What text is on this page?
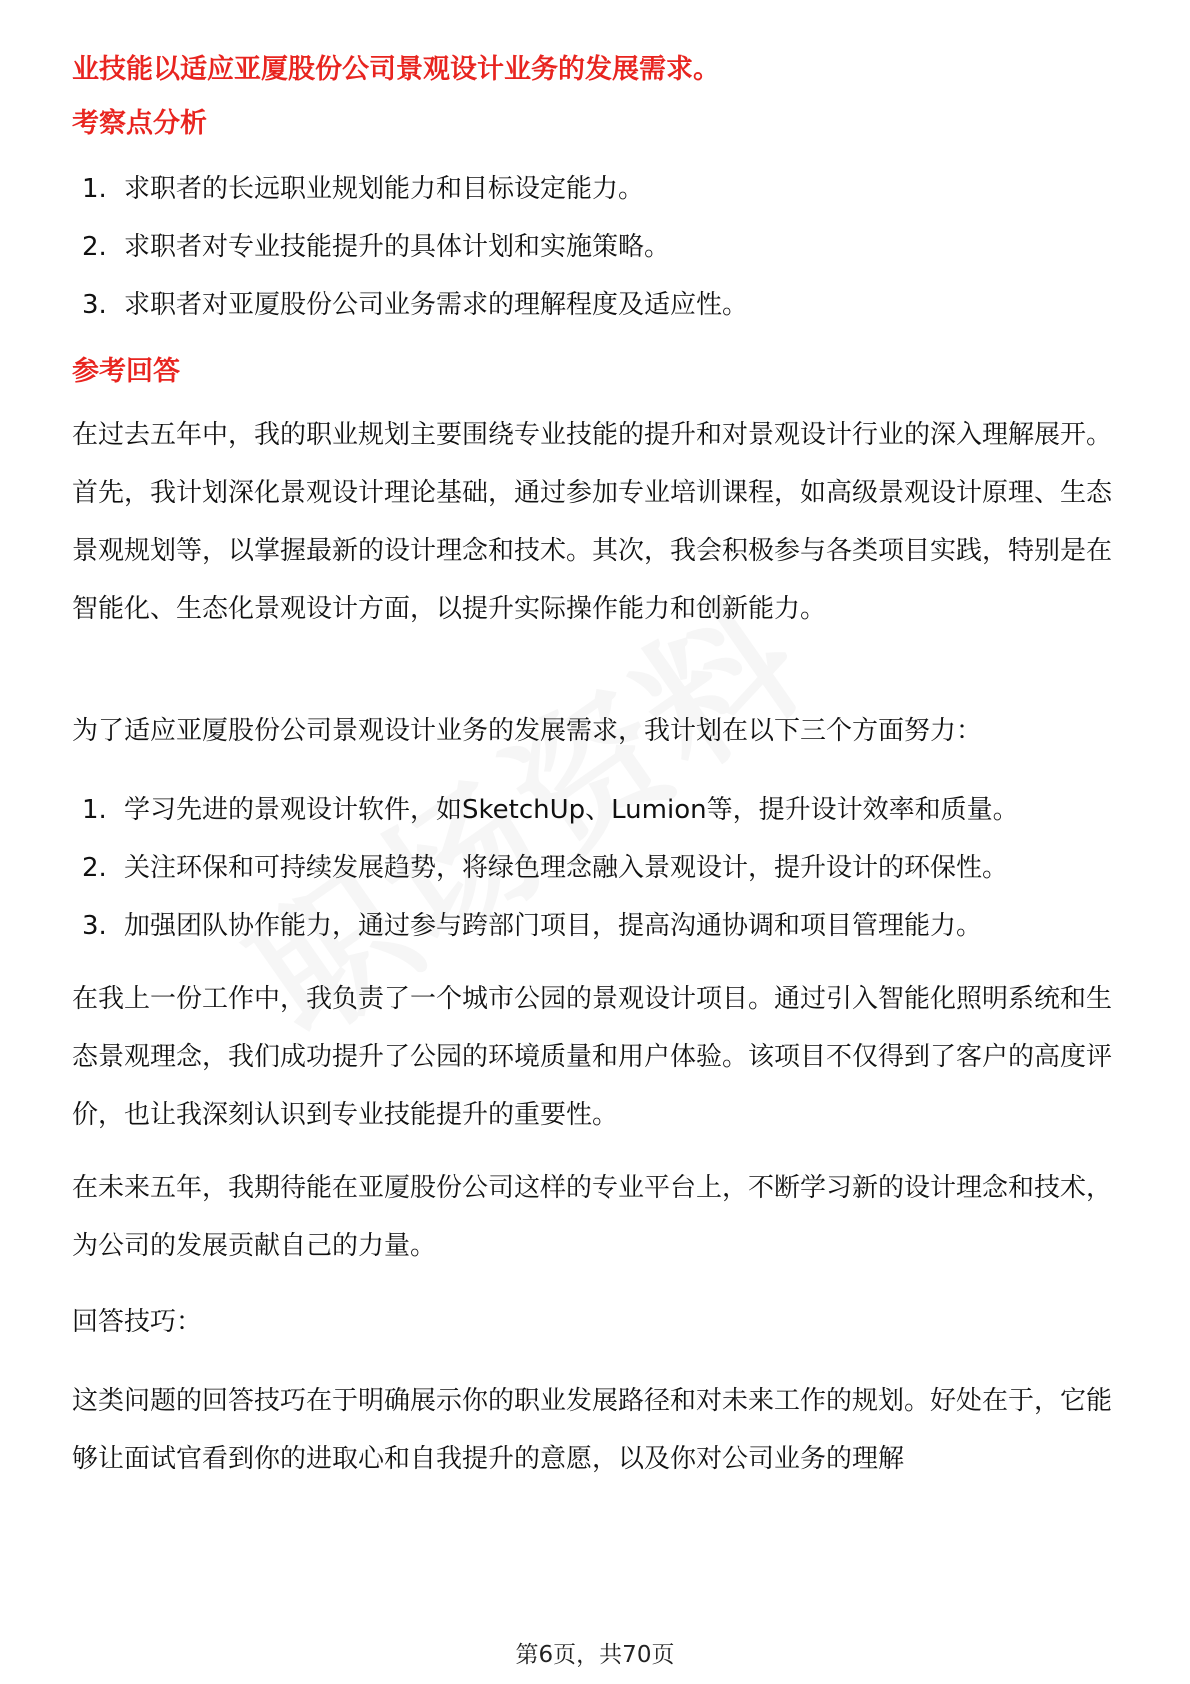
业技能以适应亚厦股份公司景观设计业务的发展需求。
考察点分析
1. 求职者的长远职业规划能力和目标设定能力。
2. 求职者对专业技能提升的具体计划和实施策略。
3. 求职者对亚厦股份公司业务需求的理解程度及适应性。
参考回答
在过去五年中，我的职业规划主要围绕专业技能的提升和对景观设计行业的深入理解展开。首先，我计划深化景观设计理论基础，通过参加专业培训课程，如高级景观设计原理、生态景观规划等，以掌握最新的设计理念和技术。其次，我会积极参与各类项目实践，特别是在智能化、生态化景观设计方面，以提升实际操作能力和创新能力。
为了适应亚厦股份公司景观设计业务的发展需求，我计划在以下三个方面努力：
1. 学习先进的景观设计软件，如SketchUp、Lumion等，提升设计效率和质量。
2. 关注环保和可持续发展趋势，将绿色理念融入景观设计，提升设计的环保性。
3. 加强团队协作能力，通过参与跨部门项目，提高沟通协调和项目管理能力。
在我上一份工作中，我负责了一个城市公园的景观设计项目。通过引入智能化照明系统和生态景观理念，我们成功提升了公园的环境质量和用户体验。该项目不仅得到了客户的高度评价，也让我深刻认识到专业技能提升的重要性。
在未来五年，我期待能在亚厦股份公司这样的专业平台上，不断学习新的设计理念和技术，为公司的发展贡献自己的力量。
回答技巧：
这类问题的回答技巧在于明确展示你的职业发展路径和对未来工作的规划。好处在于，它能够让面试官看到你的进取心和自我提升的意愿，以及你对公司业务的理解
第6页，共70页
